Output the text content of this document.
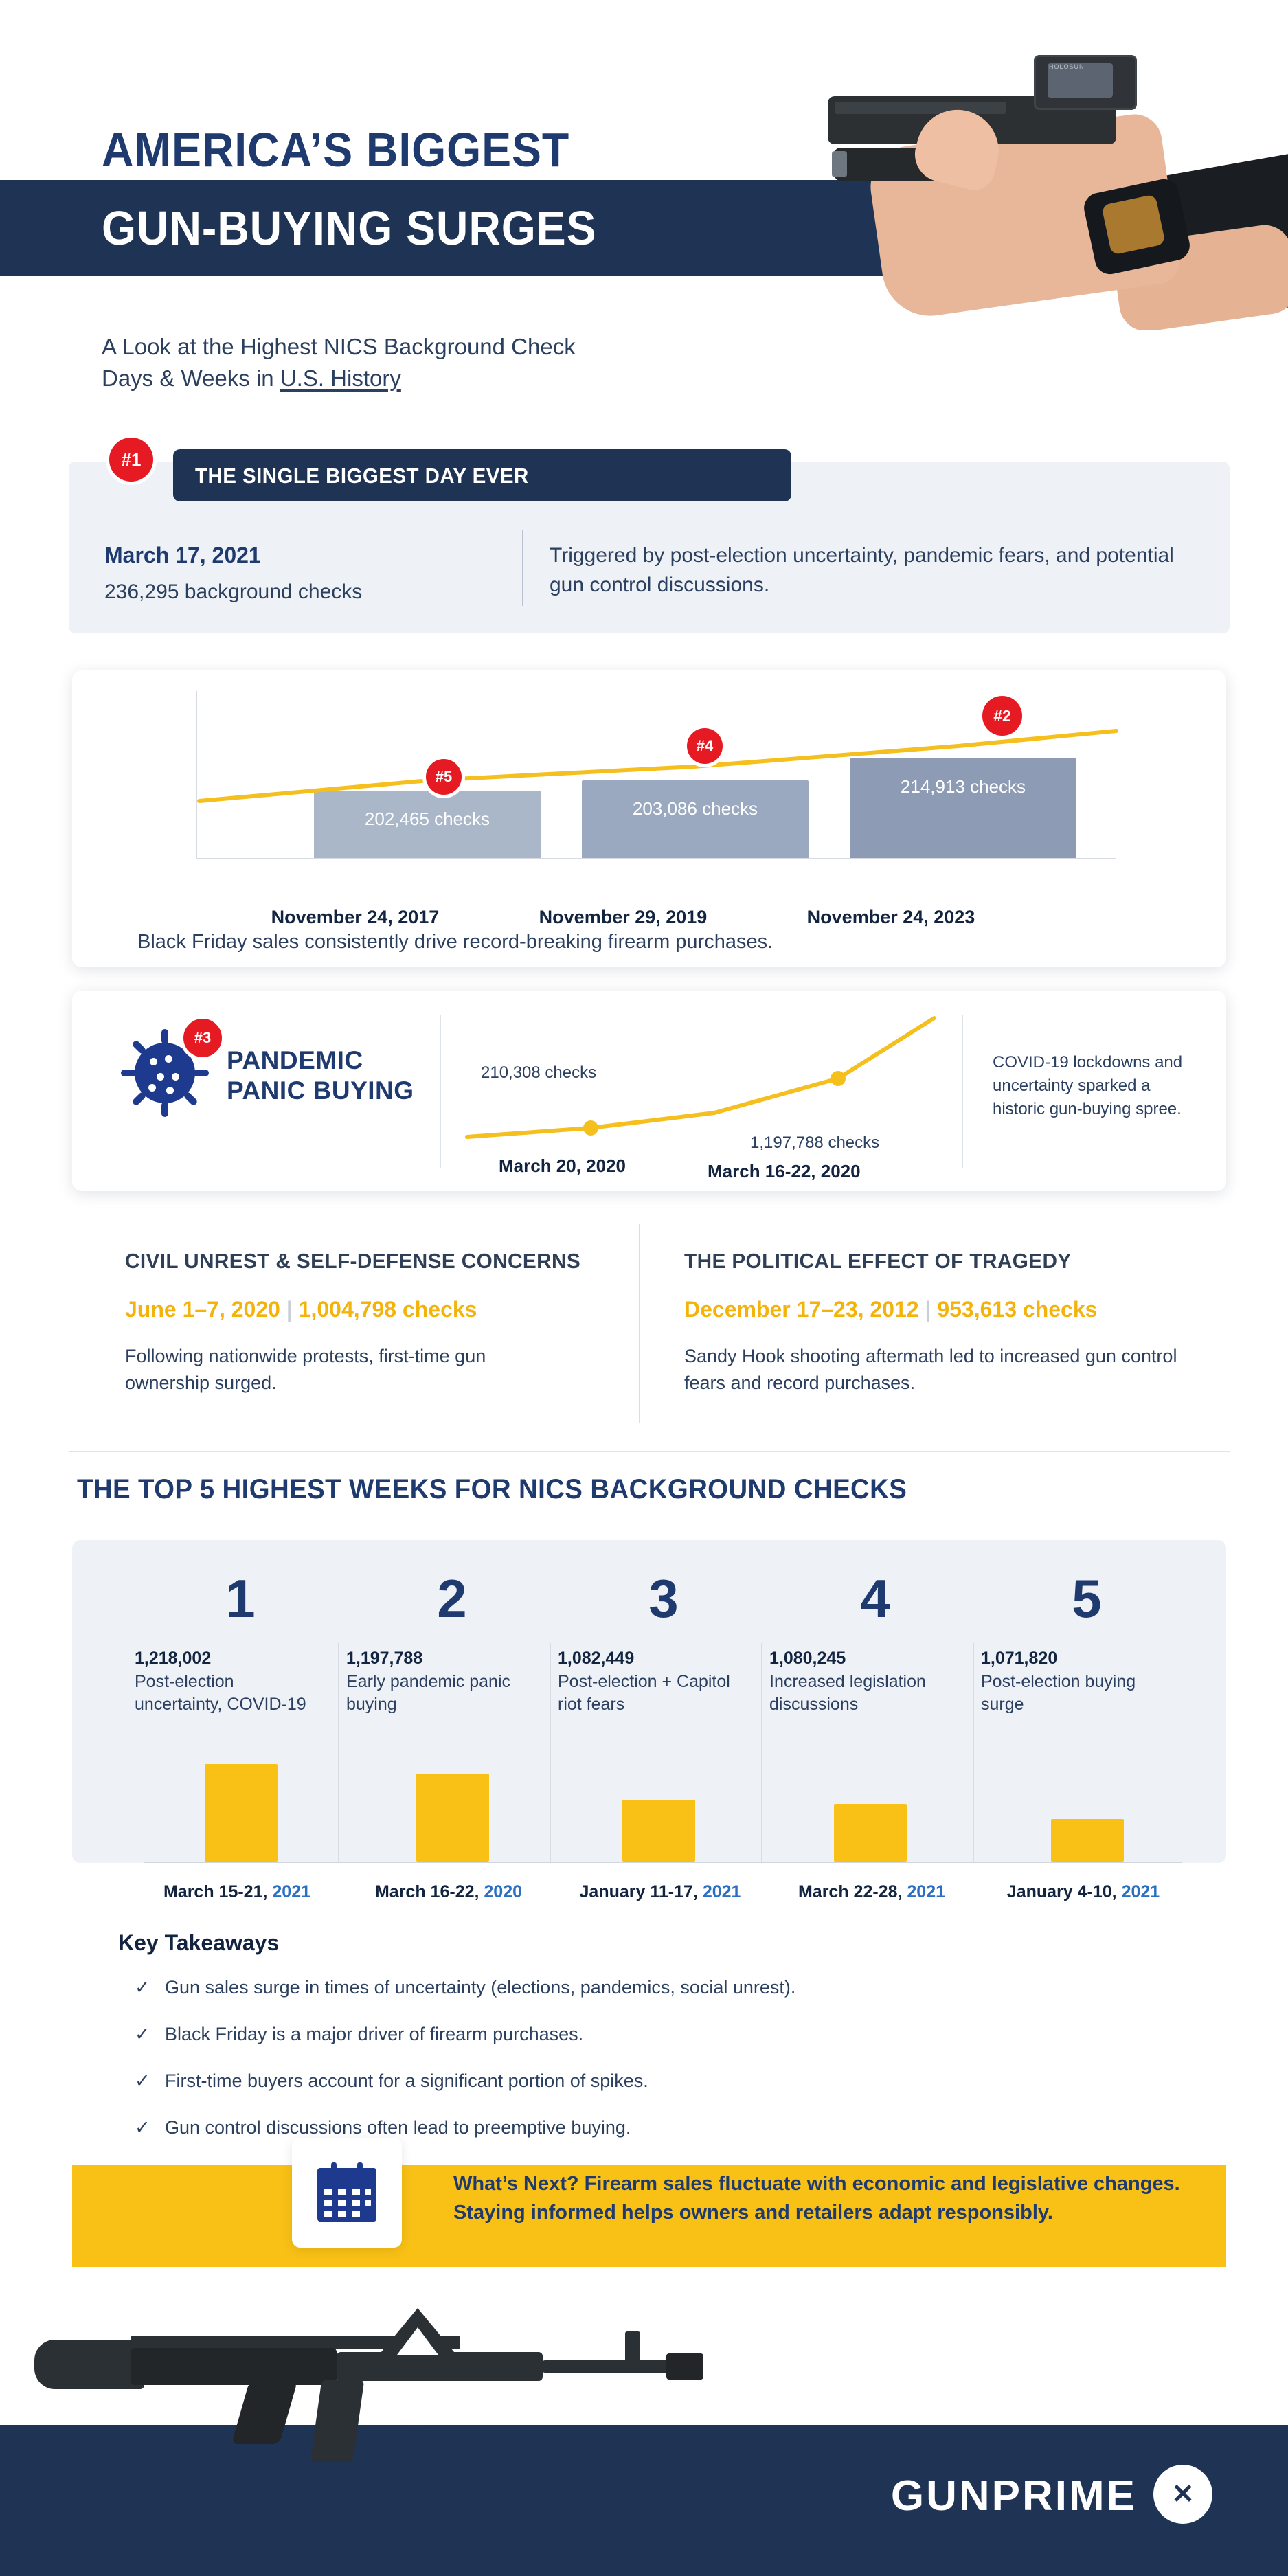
HOLOSUN
AMERICA’S BIGGEST
GUN-BUYING SURGES
A Look at the Highest NICS Background Check
Days & Weeks in U.S. History
THE SINGLE BIGGEST DAY EVER
#1
March 17, 2021
236,295 background checks
Triggered by post-election uncertainty, pandemic fears, and potential gun control discussions.
202,465 checks	203,086 checks
214,913 checks
November 24, 2017	November 29, 2019	November 24, 2023
#5
#4
#2
Black Friday sales consistently drive record-breaking firearm purchases.
#3
PANDEMIC
PANIC BUYING
210,308 checks
1,197,788 checks
March 20, 2020	March 16-22, 2020
COVID-19 lockdowns and uncertainty sparked a historic gun-buying spree.
CIVIL UNREST & SELF-DEFENSE CONCERNS
June 1–7, 2020 | 1,004,798 checks
Following nationwide protests, first-time gun ownership surged.
THE POLITICAL EFFECT OF TRAGEDY
December 17–23, 2012 | 953,613 checks
Sandy Hook shooting aftermath led to increased gun control fears and record purchases.
THE TOP 5 HIGHEST WEEKS FOR NICS BACKGROUND CHECKS
1
1,218,002
Post-election uncertainty, COVID-19
March 15-21, 2021
2
1,197,788
Early pandemic panic buying
March 16-22, 2020
3
1,082,449
Post-election + Capitol riot fears
January 11-17, 2021
4
1,080,245
Increased legislation discussions
March 22-28, 2021
5
1,071,820
Post-election buying surge
January 4-10, 2021
Key Takeaways
✓ Gun sales surge in times of uncertainty (elections, pandemics, social unrest).
✓ Black Friday is a major driver of firearm purchases.
✓ First-time buyers account for a significant portion of spikes.
✓ Gun control discussions often lead to preemptive buying.
What’s Next? Firearm sales fluctuate with economic and legislative changes. Staying informed helps owners and retailers adapt responsibly.
GUNPRIME ✕
